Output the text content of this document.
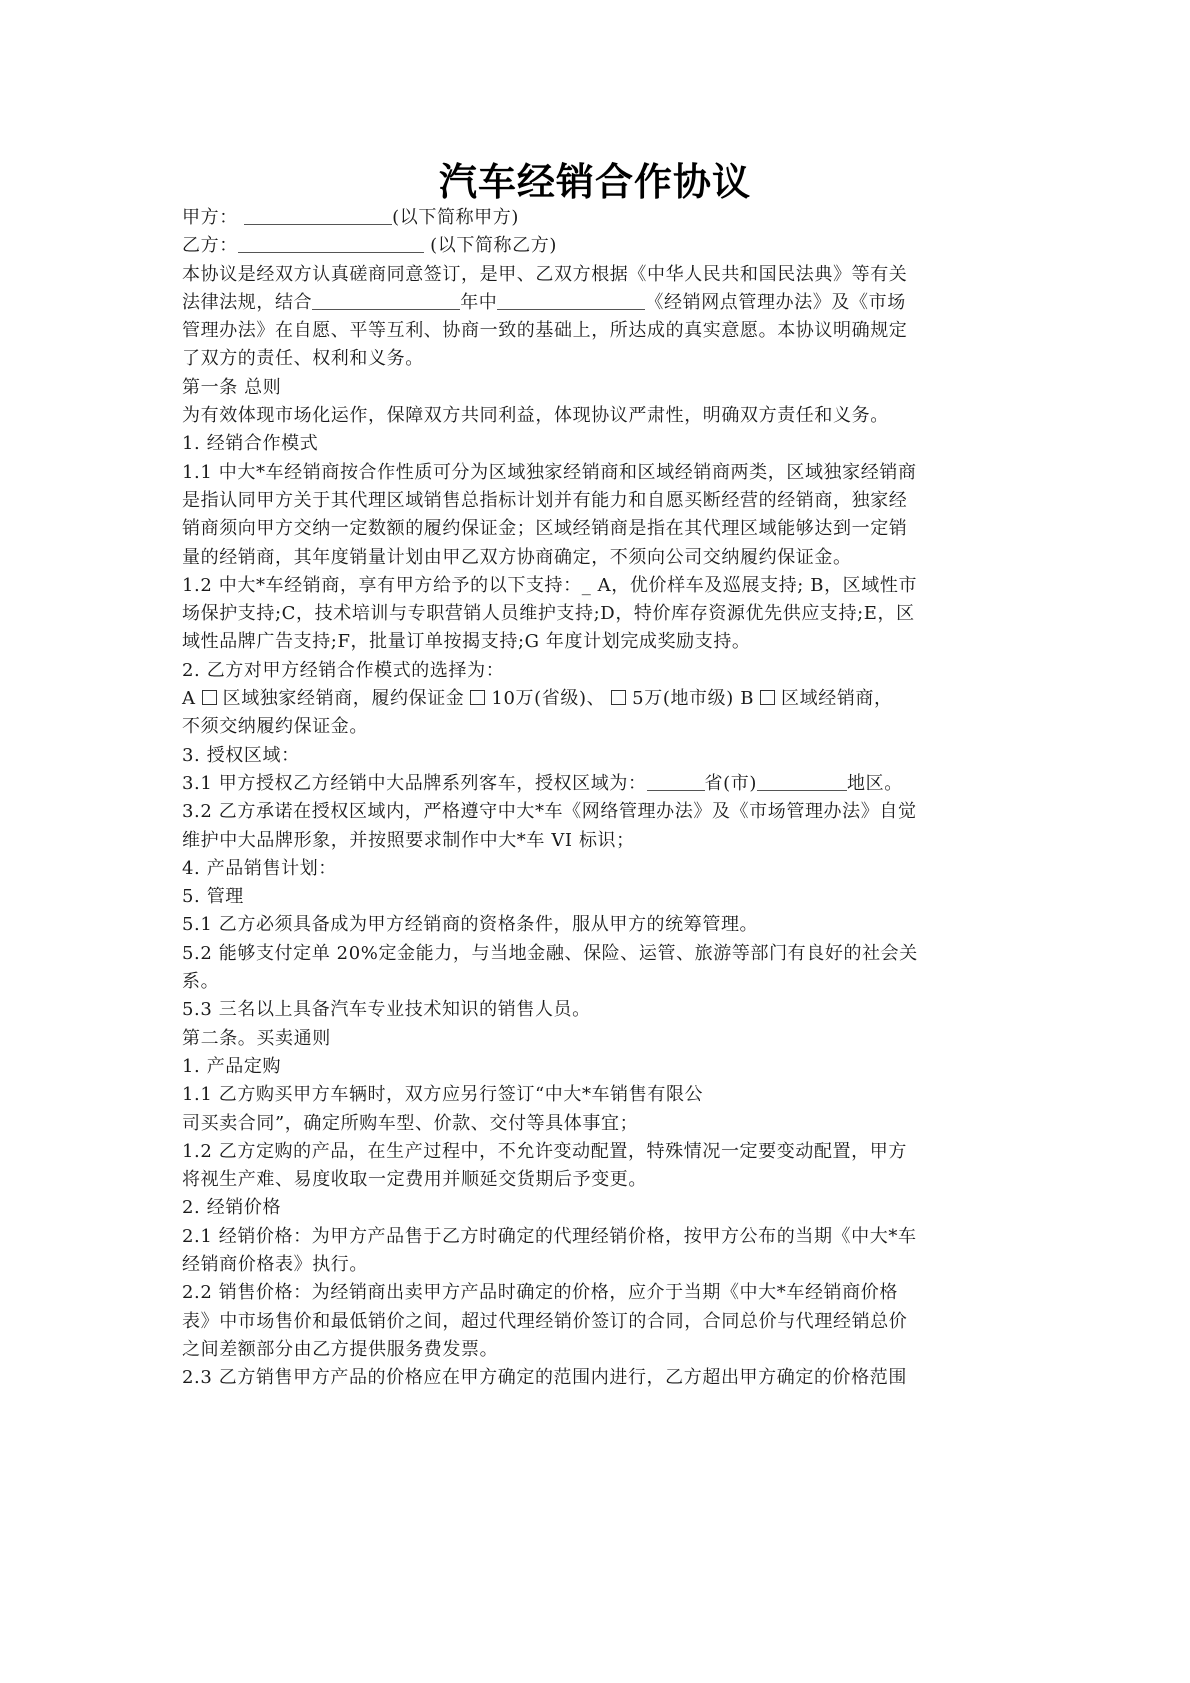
汽车经销合作协议
甲方：	(以下简称甲方)
乙方：	(以下简称乙方)
本协议是经双方认真磋商同意签订，是甲、乙双方根据《中华人民共和国民法典》等有关
法律法规，结合	年中	《经销网点管理办法》及《市场
管理办法》在自愿、平等互利、协商一致的基础上，所达成的真实意愿。本协议明确规定
了双方的责任、权利和义务。
第一条 总则
为有效体现市场化运作，保障双方共同利益，体现协议严肃性，明确双方责任和义务。
1. 经销合作模式
1.1 中大*车经销商按合作性质可分为区域独家经销商和区域经销商两类，区域独家经销商
是指认同甲方关于其代理区域销售总指标计划并有能力和自愿买断经营的经销商，独家经
销商须向甲方交纳一定数额的履约保证金；区域经销商是指在其代理区域能够达到一定销
量的经销商，其年度销量计划由甲乙双方协商确定，不须向公司交纳履约保证金。
1.2 中大*车经销商，享有甲方给予的以下支持：_ A，优价样车及巡展支持; B，区域性市
场保护支持;C，技术培训与专职营销人员维护支持;D，特价库存资源优先供应支持;E，区
域性品牌广告支持;F，批量订单按揭支持;G 年度计划完成奖励支持。
2. 乙方对甲方经销合作模式的选择为：
A 区域独家经销商，履约保证金 10万(省级)、 5万(地市级) B 区域经销商，
不须交纳履约保证金。
3. 授权区域：
3.1 甲方授权乙方经销中大品牌系列客车，授权区域为：	省(市)	地区。
3.2 乙方承诺在授权区域内，严格遵守中大*车《网络管理办法》及《市场管理办法》自觉
维护中大品牌形象，并按照要求制作中大*车 VI 标识；
4. 产品销售计划：
5. 管理
5.1 乙方必须具备成为甲方经销商的资格条件，服从甲方的统筹管理。
5.2 能够支付定单 20%定金能力，与当地金融、保险、运管、旅游等部门有良好的社会关
系。
5.3 三名以上具备汽车专业技术知识的销售人员。
第二条。买卖通则
1. 产品定购
1.1 乙方购买甲方车辆时，双方应另行签订“中大*车销售有限公
司买卖合同”，确定所购车型、价款、交付等具体事宜；
1.2 乙方定购的产品，在生产过程中，不允许变动配置，特殊情况一定要变动配置，甲方
将视生产难、易度收取一定费用并顺延交货期后予变更。
2. 经销价格
2.1 经销价格：为甲方产品售于乙方时确定的代理经销价格，按甲方公布的当期《中大*车
经销商价格表》执行。
2.2 销售价格：为经销商出卖甲方产品时确定的价格，应介于当期《中大*车经销商价格
表》中市场售价和最低销价之间，超过代理经销价签订的合同，合同总价与代理经销总价
之间差额部分由乙方提供服务费发票。
2.3 乙方销售甲方产品的价格应在甲方确定的范围内进行，乙方超出甲方确定的价格范围
